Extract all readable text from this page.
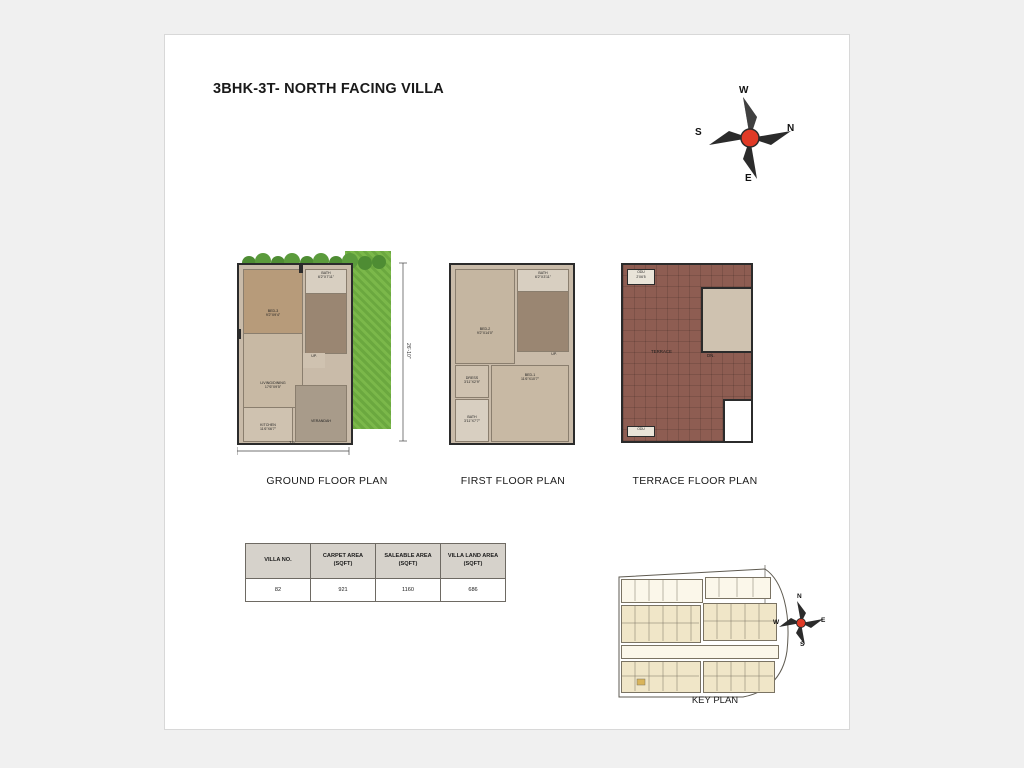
3BHK-3T- NORTH FACING VILLA	W
N
E
S
BED-3
9'2"X9'4"
BATH
6'2"X7'11"
LIVING/DINING
17'6"X9'5"
UP.
KITCHEN
11'6"X6'7"
VERANDAH
19'
26'-10"
GROUND FLOOR PLAN
BED-2
9'2"X14'0"
BATH
6'2"X3'11"
UP.
DRESS
3'11"X2'9"
BED-1
11'6"X10'7"
BATH
3'11"X7'7"
FIRST FLOOR PLAN
ODU
2'X6'5
ODU
TERRACE
DN.
TERRACE FLOOR PLAN
VILLA NO.	CARPET AREA (SQFT)	SALEABLE AREA (SQFT)	VILLA LAND AREA (SQFT)
82	921	1160	686
N
E
S
W
KEY PLAN
